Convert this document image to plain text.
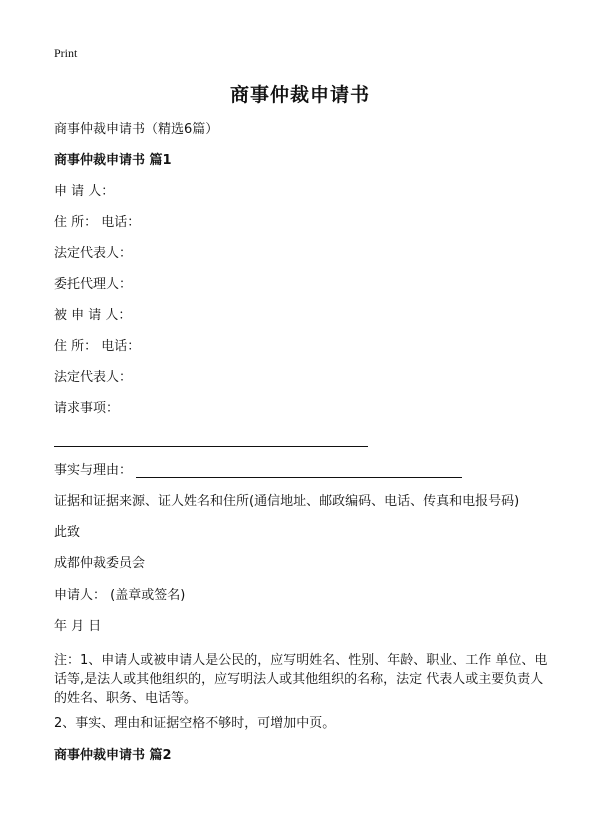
Print
商事仲裁申请书
商事仲裁申请书（精选6篇）
商事仲裁申请书 篇1
申 请 人：
住 所： 电话：
法定代表人：
委托代理人：
被 申 请 人：
住 所： 电话：
法定代表人：
请求事项：
事实与理由：
证据和证据来源、证人姓名和住所(通信地址、邮政编码、电话、传真和电报号码)
此致
成都仲裁委员会
申请人： (盖章或签名)
年 月 日
注：1、申请人或被申请人是公民的，应写明姓名、性别、年龄、职业、工作 单位、电话等,是法人或其他组织的，应写明法人或其他组织的名称，法定 代表人或主要负责人的姓名、职务、电话等。
2、事实、理由和证据空格不够时，可增加中页。
商事仲裁申请书 篇2
